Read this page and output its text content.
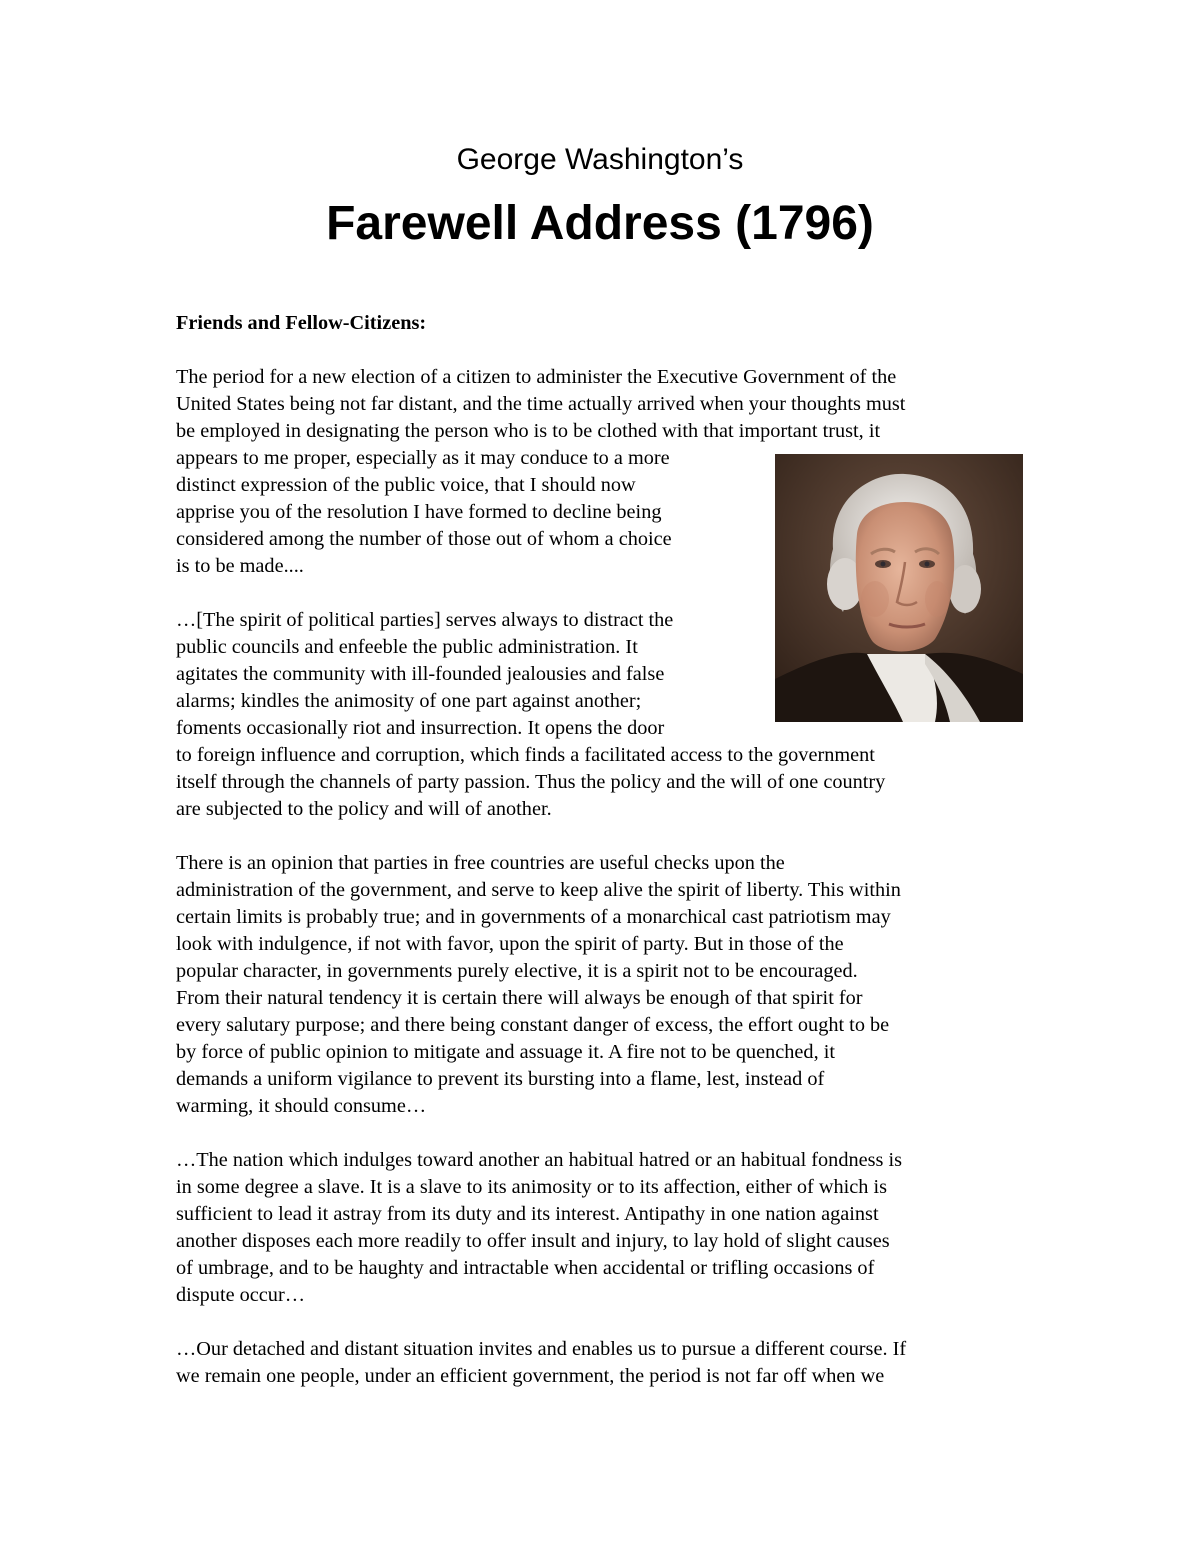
George Washington’s
Farewell Address (1796)
Friends and Fellow-Citizens:
The period for a new election of a citizen to administer the Executive Government of the
United States being not far distant, and the time actually arrived when your thoughts must
be employed in designating the person who is to be clothed with that important trust, it
appears to me proper, especially as it may conduce to a more
distinct expression of the public voice, that I should now
apprise you of the resolution I have formed to decline being
considered among the number of those out of whom a choice
is to be made....
…[The spirit of political parties] serves always to distract the
public councils and enfeeble the public administration. It
agitates the community with ill-founded jealousies and false
alarms; kindles the animosity of one part against another;
foments occasionally riot and insurrection. It opens the door
to foreign influence and corruption, which finds a facilitated access to the government
itself through the channels of party passion. Thus the policy and the will of one country
are subjected to the policy and will of another.
There is an opinion that parties in free countries are useful checks upon the
administration of the government, and serve to keep alive the spirit of liberty. This within
certain limits is probably true; and in governments of a monarchical cast patriotism may
look with indulgence, if not with favor, upon the spirit of party. But in those of the
popular character, in governments purely elective, it is a spirit not to be encouraged.
From their natural tendency it is certain there will always be enough of that spirit for
every salutary purpose; and there being constant danger of excess, the effort ought to be
by force of public opinion to mitigate and assuage it. A fire not to be quenched, it
demands a uniform vigilance to prevent its bursting into a flame, lest, instead of
warming, it should consume…
…The nation which indulges toward another an habitual hatred or an habitual fondness is
in some degree a slave. It is a slave to its animosity or to its affection, either of which is
sufficient to lead it astray from its duty and its interest. Antipathy in one nation against
another disposes each more readily to offer insult and injury, to lay hold of slight causes
of umbrage, and to be haughty and intractable when accidental or trifling occasions of
dispute occur…
…Our detached and distant situation invites and enables us to pursue a different course. If
we remain one people, under an efficient government, the period is not far off when we
